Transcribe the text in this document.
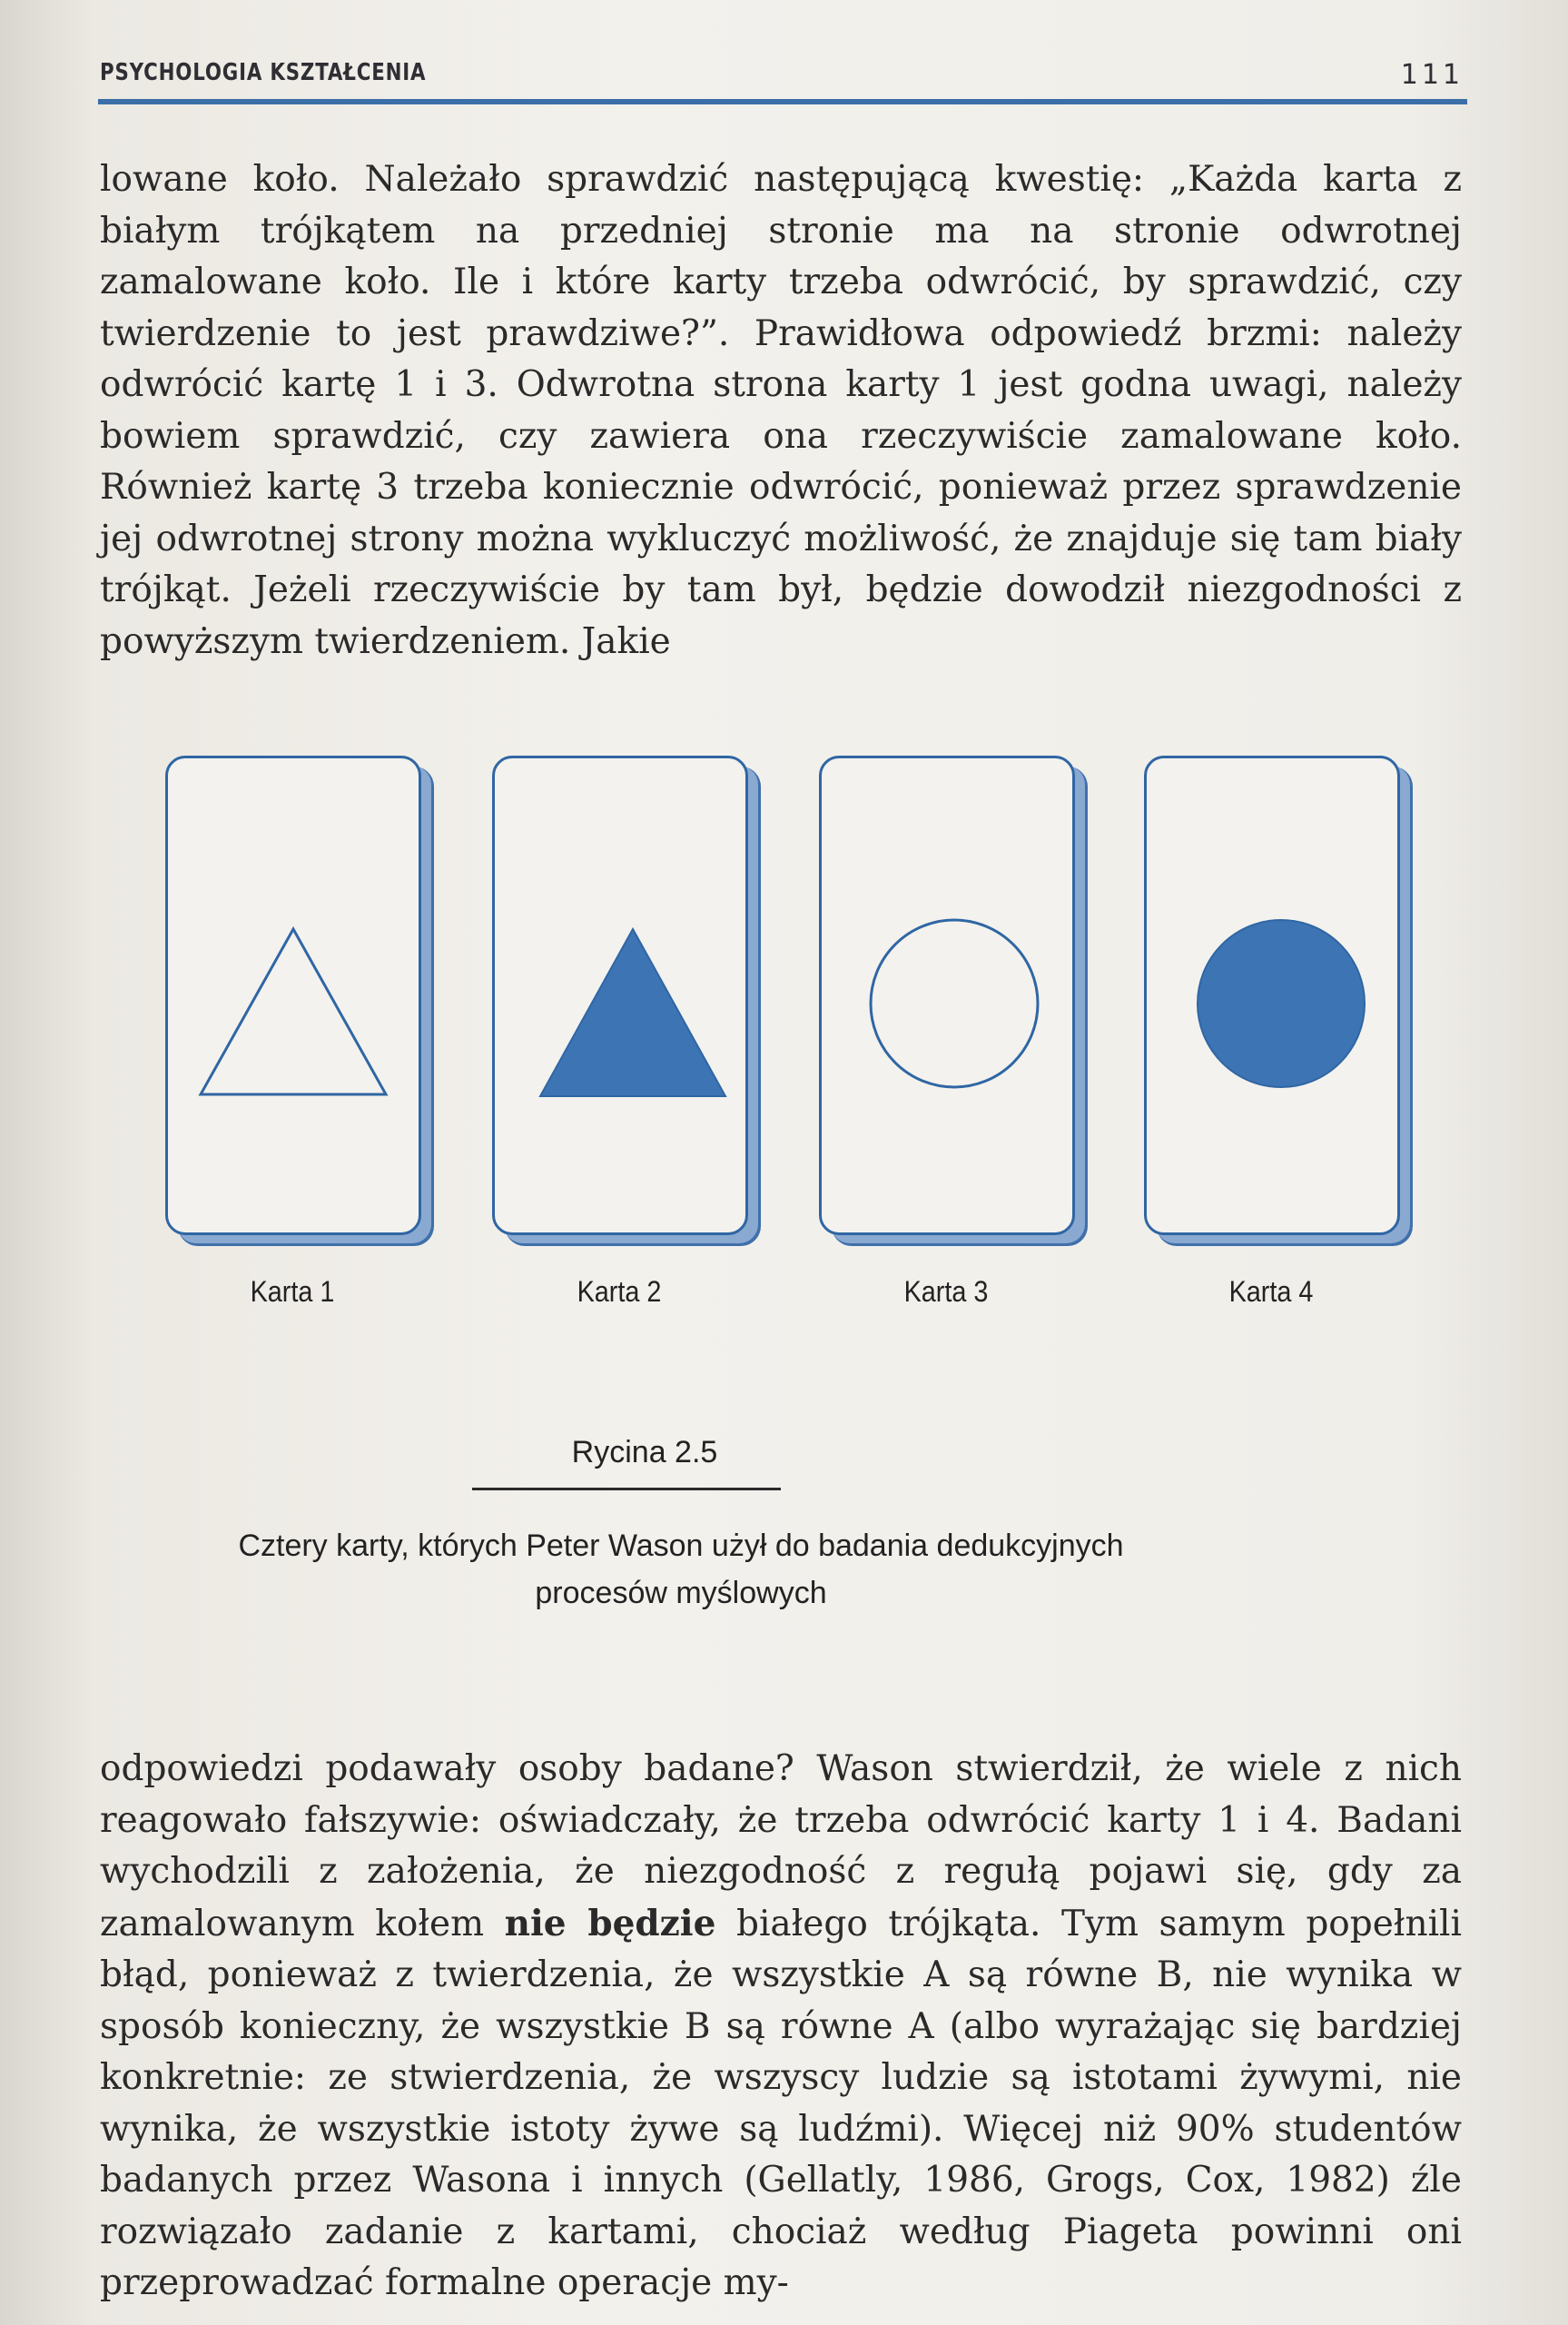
PSYCHOLOGIA KSZTAŁCENIA	111

lowane koło. Należało sprawdzić następującą kwestię: „Każda karta z białym trójkątem na przedniej stronie ma na stronie odwrotnej zamalowane koło. Ile i które karty trzeba odwrócić, by sprawdzić, czy twierdzenie to jest prawdziwe?”. Prawidłowa odpowiedź brzmi: należy odwrócić kartę 1 i 3. Odwrotna strona karty 1 jest godna uwagi, należy bowiem sprawdzić, czy zawiera ona rzeczywiście zamalowane koło. Również kartę 3 trzeba koniecznie odwrócić, ponieważ przez sprawdzenie jej odwrotnej strony można wykluczyć możliwość, że znajduje się tam biały trójkąt. Jeżeli rzeczywiście by tam był, będzie dowodził niezgodności z powyższym twierdzeniem. Jakie

Karta 1	Karta 2	Karta 3	Karta 4
Rycina 2.5
Cztery karty, których Peter Wason użył do badania dedukcyjnych
procesów myślowych

odpowiedzi podawały osoby badane? Wason stwierdził, że wiele z nich reagowało fałszywie: oświadczały, że trzeba odwrócić karty 1 i 4. Badani wychodzili z założenia, że niezgodność z regułą pojawi się, gdy za zamalowanym kołem nie będzie białego trójkąta. Tym samym popełnili błąd, ponieważ z twierdzenia, że wszystkie A są równe B, nie wynika w sposób konieczny, że wszystkie B są równe A (albo wyrażając się bardziej konkretnie: ze stwierdzenia, że wszyscy ludzie są istotami żywymi, nie wynika, że wszystkie istoty żywe są ludźmi). Więcej niż 90% studentów badanych przez Wasona i innych (Gellatly, 1986, Grogs, Cox, 1982) źle rozwiązało zadanie z kartami, chociaż według Piageta powinni oni przeprowadzać formalne operacje my-
